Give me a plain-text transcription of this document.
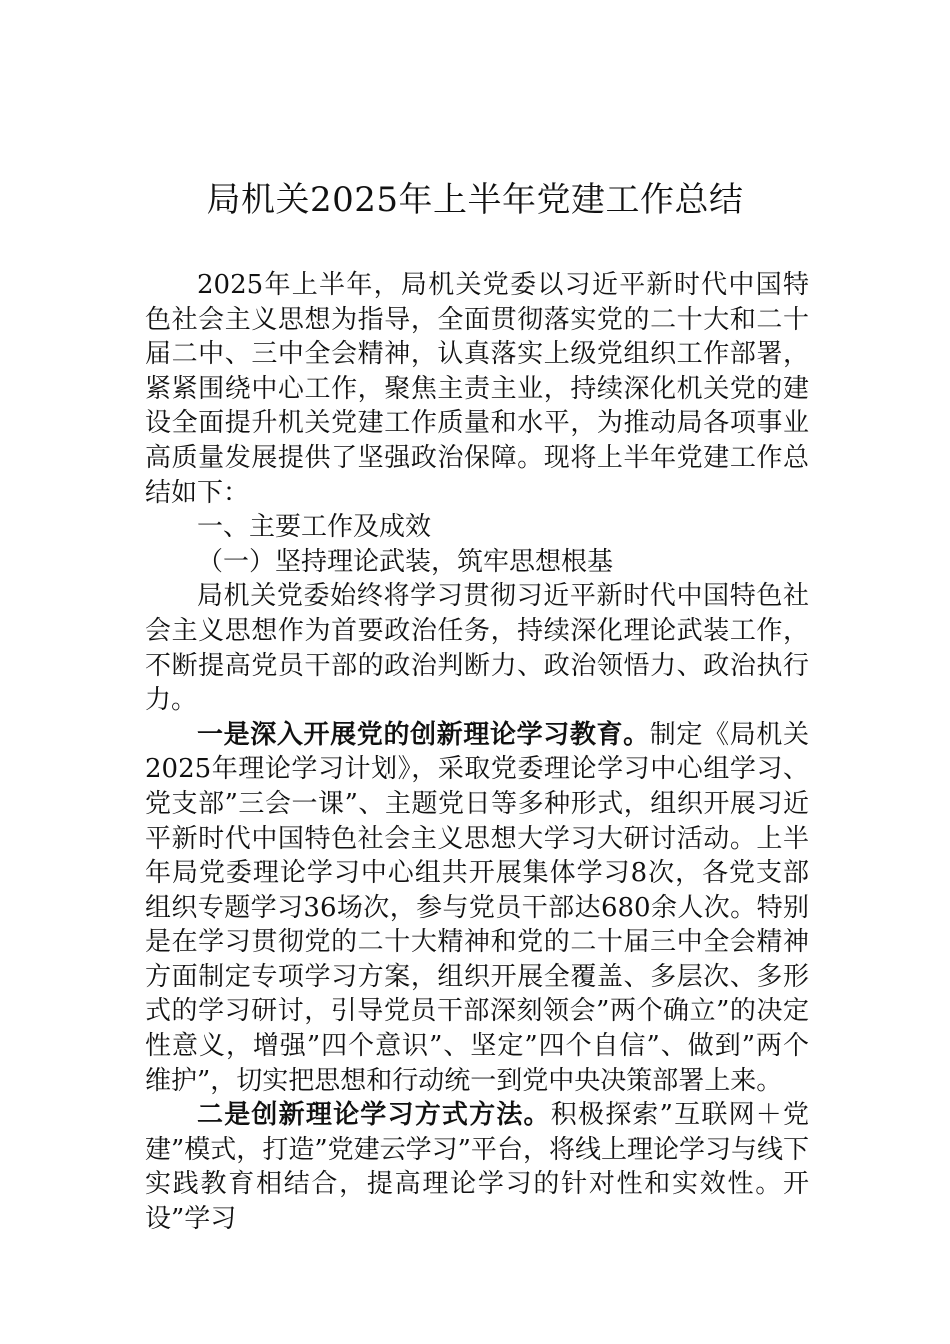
局机关2025年上半年党建工作总结

2025年上半年，局机关党委以习近平新时代中国特色社会主义思想为指导，全面贯彻落实党的二十大和二十届二中、三中全会精神，认真落实上级党组织工作部署，紧紧围绕中心工作，聚焦主责主业，持续深化机关党的建设全面提升机关党建工作质量和水平，为推动局各项事业高质量发展提供了坚强政治保障。现将上半年党建工作总结如下：

一、主要工作及成效

（一）坚持理论武装，筑牢思想根基

局机关党委始终将学习贯彻习近平新时代中国特色社会主义思想作为首要政治任务，持续深化理论武装工作，不断提高党员干部的政治判断力、政治领悟力、政治执行力。

一是深入开展党的创新理论学习教育。制定《局机关2025年理论学习计划》，采取党委理论学习中心组学习、党支部”三会一课”、主题党日等多种形式，组织开展习近平新时代中国特色社会主义思想大学习大研讨活动。上半年局党委理论学习中心组共开展集体学习8次，各党支部组织专题学习36场次，参与党员干部达680余人次。特别是在学习贯彻党的二十大精神和党的二十届三中全会精神方面制定专项学习方案，组织开展全覆盖、多层次、多形式的学习研讨，引导党员干部深刻领会”两个确立”的决定性意义，增强”四个意识”、坚定”四个自信”、做到”两个维护”，切实把思想和行动统一到党中央决策部署上来。

二是创新理论学习方式方法。积极探索”互联网＋党建”模式，打造”党建云学习”平台，将线上理论学习与线下实践教育相结合，提高理论学习的针对性和实效性。开设”学习
